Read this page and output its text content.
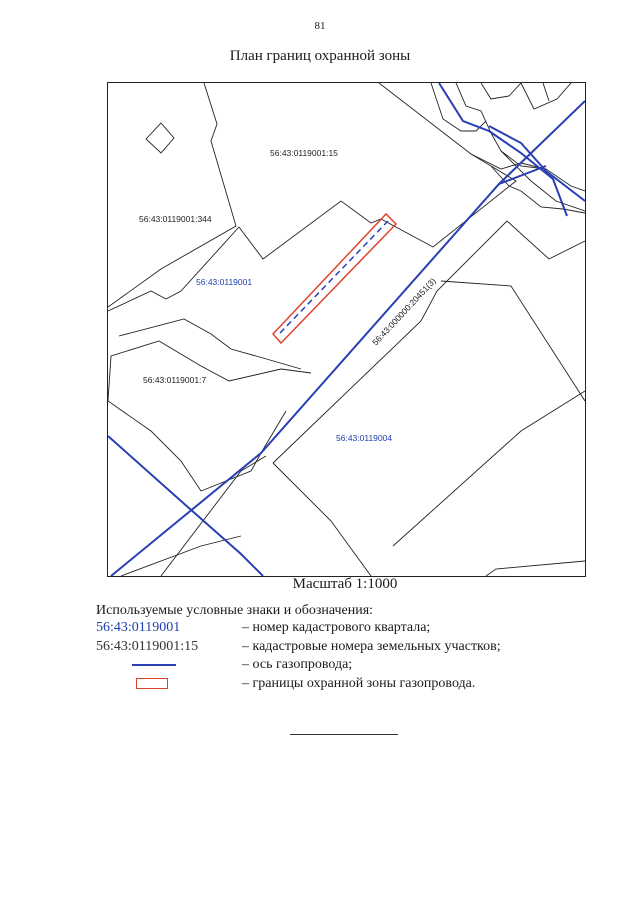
81
План границ охранной зоны
56:43:0119001:15
56:43:0119001:344
56:43:0119001
56:43:0119001:7
56:43:0119004
56:43:000000:20451(3)
Масштаб 1:1000
Используемые условные знаки и обозначения:
56:43:0119001	– номер кадастрового квартала;
56:43:0119001:15	– кадастровые номера земельных участков;
– ось газопровода;
– границы охранной зоны газопровода.
